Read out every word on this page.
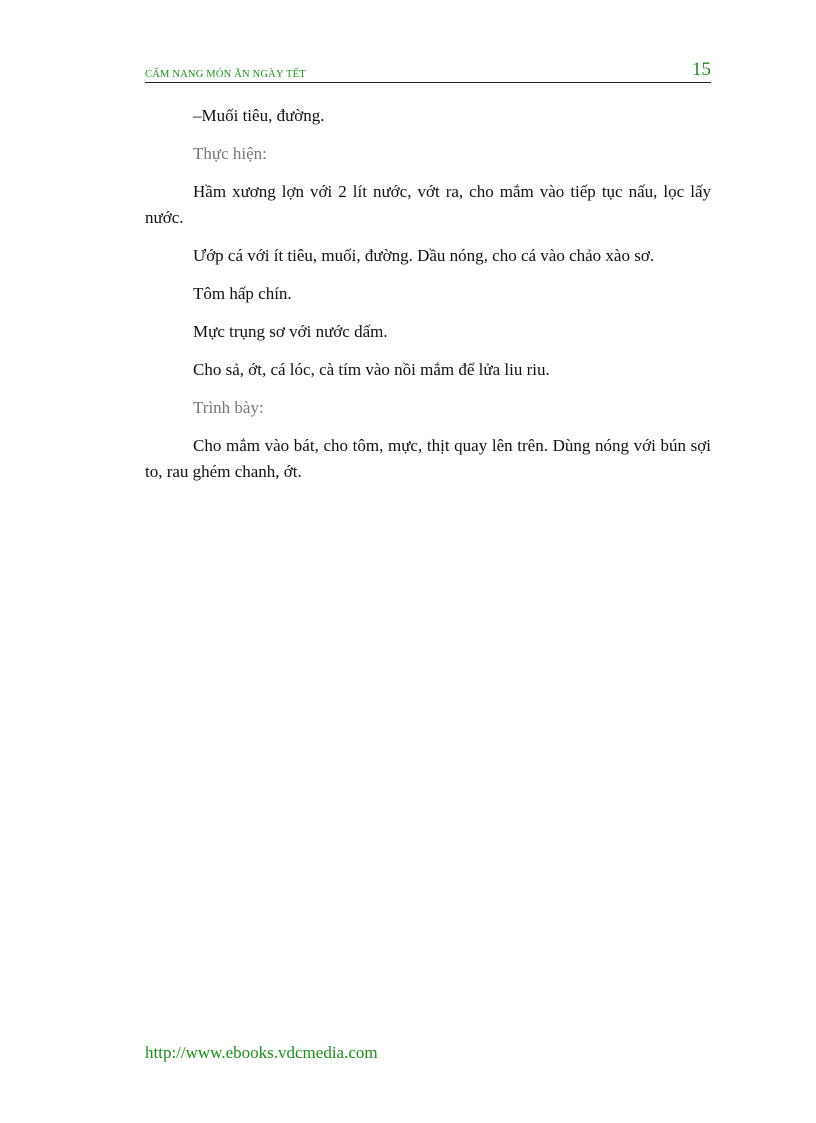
CẨM NANG MÓN ĂN NGÀY TẾT	15

–Muối tiêu, đường.

Thực hiện:

Hầm xương lợn với 2 lít nước, vớt ra, cho mắm vào tiếp tục nấu, lọc lấy nước.

Ướp cá với ít tiêu, muối, đường. Dầu nóng, cho cá vào chảo xào sơ.

Tôm hấp chín.

Mực trụng sơ với nước dấm.

Cho sả, ớt, cá lóc, cà tím vào nồi mắm để lửa liu riu.

Trình bày:

Cho mắm vào bát, cho tôm, mực, thịt quay lên trên. Dùng nóng với bún sợi to, rau ghém chanh, ớt.

http://www.ebooks.vdcmedia.com
